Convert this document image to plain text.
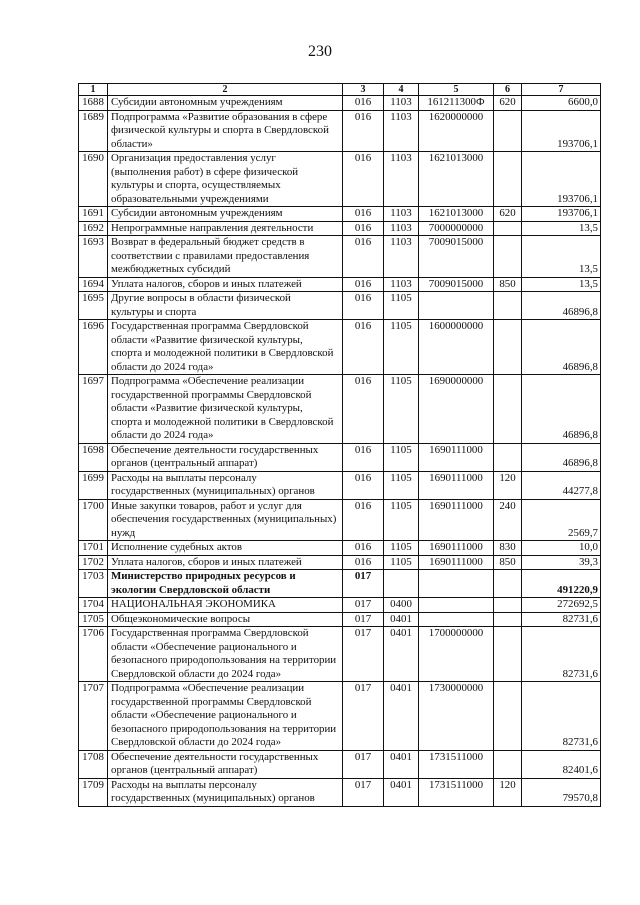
230
1	2	3	4	5	6	7
1688	Субсидии автономным учреждениям	016	1103	161211300Ф	620	6600,0
1689	Подпрограмма «Развитие образования в сфере
физической культуры и спорта в Свердловской
области»	016	1103	1620000000		193706,1
1690	Организация предоставления услуг
(выполнения работ) в сфере физической
культуры и спорта, осуществляемых
образовательными учреждениями	016	1103	1621013000		193706,1
1691	Субсидии автономным учреждениям	016	1103	1621013000	620	193706,1
1692	Непрограммные направления деятельности	016	1103	7000000000		13,5
1693	Возврат в федеральный бюджет средств в
соответствии с правилами предоставления
межбюджетных субсидий	016	1103	7009015000		13,5
1694	Уплата налогов, сборов и иных платежей	016	1103	7009015000	850	13,5
1695	Другие вопросы в области физической
культуры и спорта	016	1105			46896,8
1696	Государственная программа Свердловской
области «Развитие физической культуры,
спорта и молодежной политики в Свердловской
области до 2024 года»	016	1105	1600000000		46896,8
1697	Подпрограмма «Обеспечение реализации
государственной программы Свердловской
области «Развитие физической культуры,
спорта и молодежной политики в Свердловской
области до 2024 года»	016	1105	1690000000		46896,8
1698	Обеспечение деятельности государственных
органов (центральный аппарат)	016	1105	1690111000		46896,8
1699	Расходы на выплаты персоналу
государственных (муниципальных) органов	016	1105	1690111000	120	44277,8
1700	Иные закупки товаров, работ и услуг для
обеспечения государственных (муниципальных)
нужд	016	1105	1690111000	240	2569,7
1701	Исполнение судебных актов	016	1105	1690111000	830	10,0
1702	Уплата налогов, сборов и иных платежей	016	1105	1690111000	850	39,3
1703	Министерство природных ресурсов и
экологии Свердловской области	017				491220,9
1704	НАЦИОНАЛЬНАЯ ЭКОНОМИКА	017	0400			272692,5
1705	Общеэкономические вопросы	017	0401			82731,6
1706	Государственная программа Свердловской
области «Обеспечение рационального и
безопасного природопользования на территории
Свердловской области до 2024 года»	017	0401	1700000000		82731,6
1707	Подпрограмма «Обеспечение реализации
государственной программы Свердловской
области «Обеспечение рационального и
безопасного природопользования на территории
Свердловской области до 2024 года»	017	0401	1730000000		82731,6
1708	Обеспечение деятельности государственных
органов (центральный аппарат)	017	0401	1731511000		82401,6
1709	Расходы на выплаты персоналу
государственных (муниципальных) органов	017	0401	1731511000	120	79570,8
